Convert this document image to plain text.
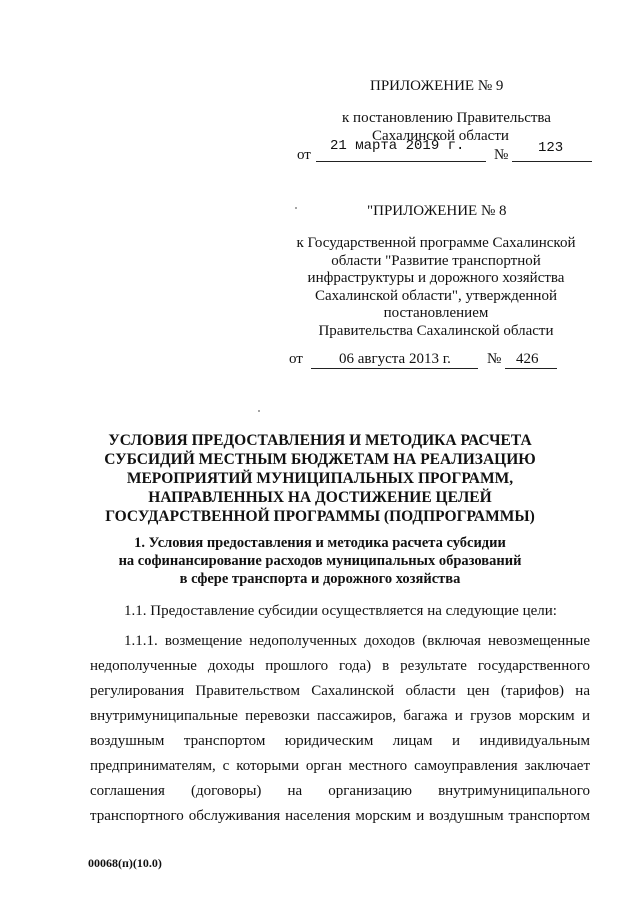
ПРИЛОЖЕНИЕ № 9
к постановлению Правительства
Сахалинской области
от
21 марта 2019 г.
№ 123
"ПРИЛОЖЕНИЕ № 8
к Государственной программе Сахалинской
области "Развитие транспортной
инфраструктуры и дорожного хозяйства
Сахалинской области", утвержденной
постановлением
Правительства Сахалинской области
от 06 августа 2013 г. № 426
УСЛОВИЯ ПРЕДОСТАВЛЕНИЯ И МЕТОДИКА РАСЧЕТА
СУБСИДИЙ МЕСТНЫМ БЮДЖЕТАМ НА РЕАЛИЗАЦИЮ
МЕРОПРИЯТИЙ МУНИЦИПАЛЬНЫХ ПРОГРАММ,
НАПРАВЛЕННЫХ НА ДОСТИЖЕНИЕ ЦЕЛЕЙ
ГОСУДАРСТВЕННОЙ ПРОГРАММЫ (ПОДПРОГРАММЫ)
1. Условия предоставления и методика расчета субсидии
на софинансирование расходов муниципальных образований
в сфере транспорта и дорожного хозяйства
1.1. Предоставление субсидии осуществляется на следующие цели:
1.1.1. возмещение недополученных доходов (включая невозмещенные
недополученные доходы прошлого года) в результате государственного
регулирования Правительством Сахалинской области цен (тарифов) на
внутримуниципальные перевозки пассажиров, багажа и грузов морским и
воздушным транспортом юридическим лицам и индивидуальным
предпринимателям, с которыми орган местного самоуправления заключает
соглашения (договоры) на организацию внутримуниципального
транспортного обслуживания населения морским и воздушным транспортом
00068(п)(10.0)
